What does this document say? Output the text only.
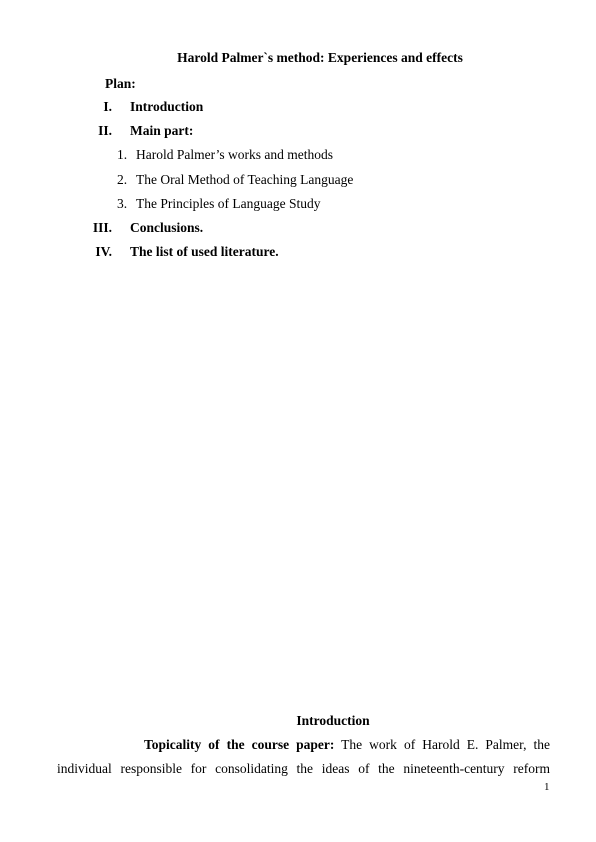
Harold Palmer`s method: Experiences and effects
Plan:
I. Introduction
II. Main part:
1. Harold Palmer’s works and methods
2. The Oral Method of Teaching Language
3. The Principles of Language Study
III. Conclusions.
IV. The list of used literature.
Introduction
Topicality of the course paper: The work of Harold E. Palmer, the
individual responsible for consolidating the ideas of the nineteenth-century reform
1
